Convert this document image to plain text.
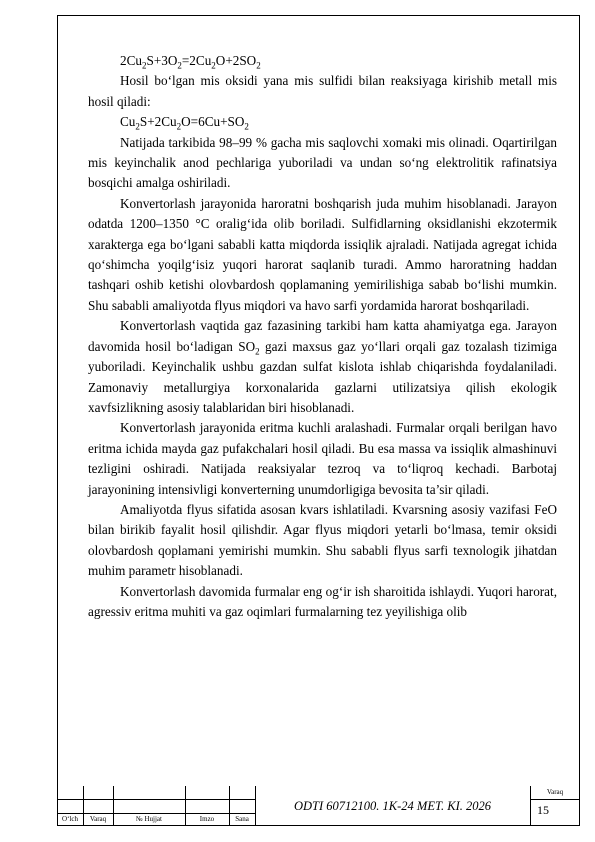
$2Cu_2S+3O_2=2Cu_2O+2SO_2$

Hosil bo‘lgan mis oksidi yana mis sulfidi bilan reaksiyaga kirishib metall mis hosil qiladi:

$Cu_2S+2Cu_2O=6Cu+SO_2$

Natijada tarkibida 98–99 % gacha mis saqlovchi xomaki mis olinadi. Oqartirilgan mis keyinchalik anod pechlariga yuboriladi va undan so‘ng elektrolitik rafinatsiya bosqichi amalga oshiriladi.

Konvertorlash jarayonida haroratni boshqarish juda muhim hisoblanadi. Jarayon odatda 1200–1350 °C oralig‘ida olib boriladi. Sulfidlarning oksidlanishi ekzotermik xarakterga ega bo‘lgani sababli katta miqdorda issiqlik ajraladi. Natijada agregat ichida qo‘shimcha yoqilg‘isiz yuqori harorat saqlanib turadi. Ammo haroratning haddan tashqari oshib ketishi olovbardosh qoplamaning yemirilishiga sabab bo‘lishi mumkin. Shu sababli amaliyotda flyus miqdori va havo sarfi yordamida harorat boshqariladi.

Konvertorlash vaqtida gaz fazasining tarkibi ham katta ahamiyatga ega. Jarayon davomida hosil bo‘ladigan $SO_2$ gazi maxsus gaz yo‘llari orqali gaz tozalash tizimiga yuboriladi. Keyinchalik ushbu gazdan sulfat kislota ishlab chiqarishda foydalaniladi. Zamonaviy metallurgiya korxonalarida gazlarni utilizatsiya qilish ekologik xavfsizlikning asosiy talablaridan biri hisoblanadi.

Konvertorlash jarayonida eritma kuchli aralashadi. Furmalar orqali berilgan havo eritma ichida mayda gaz pufakchalari hosil qiladi. Bu esa massa va issiqlik almashinuvi tezligini oshiradi. Natijada reaksiyalar tezroq va to‘liqroq kechadi. Barbotaj jarayonining intensivligi konverterning unumdorligiga bevosita ta’sir qiladi.

Amaliyotda flyus sifatida asosan kvars ishlatiladi. Kvarsning asosiy vazifasi FeO bilan birikib fayalit hosil qilishdir. Agar flyus miqdori yetarli bo‘lmasa, temir oksidi olovbardosh qoplamani yemirishi mumkin. Shu sababli flyus sarfi texnologik jihatdan muhim parametr hisoblanadi.

Konvertorlash davomida furmalar eng og‘ir ish sharoitida ishlaydi. Yuqori harorat, agressiv eritma muhiti va gaz oqimlari furmalarning tez yeyilishiga olib

O‘lch	Varaq	№ Hujjat	Imzo	Sana
ODTI 60712100. 1K-24 MET. KI. 2026
Varaq
15
